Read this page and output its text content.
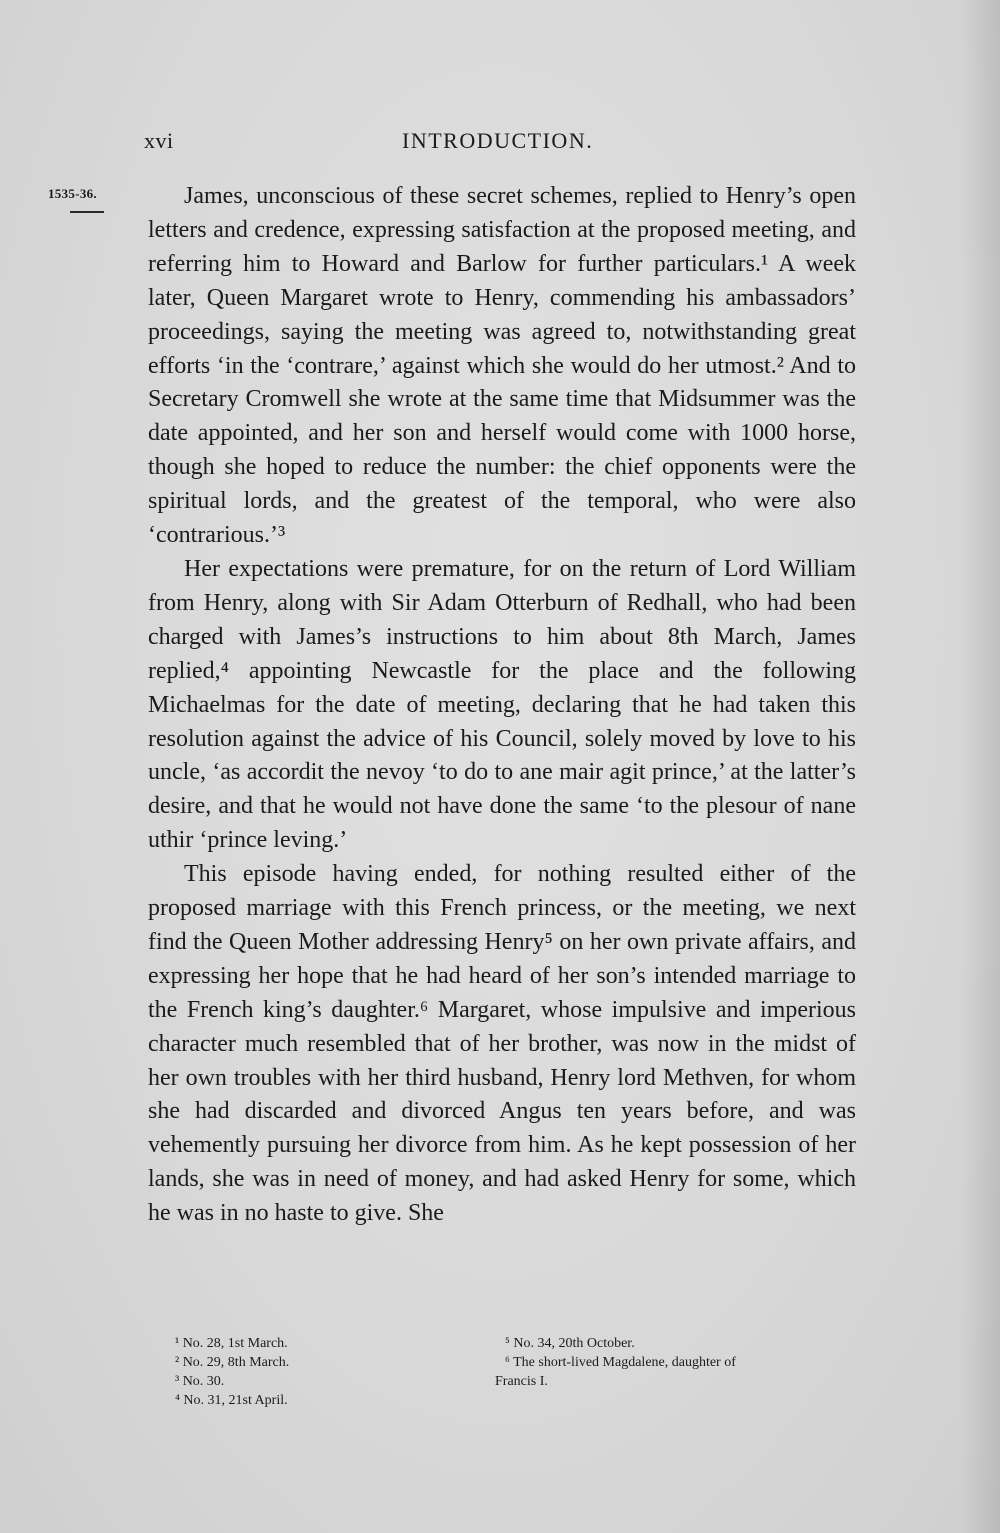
xvi	INTRODUCTION.
1535-36.	James, unconscious of these secret schemes, replied to Henry’s open letters and credence, expressing satisfaction at the proposed meeting, and referring him to Howard and Barlow for further particulars.¹ A week later, Queen Margaret wrote to Henry, commending his ambassadors’ proceedings, saying the meeting was agreed to, notwithstanding great efforts ‘in the ‘contrare,’ against which she would do her utmost.² And to Secretary Cromwell she wrote at the same time that Midsummer was the date appointed, and her son and herself would come with 1000 horse, though she hoped to reduce the number: the chief opponents were the spiritual lords, and the greatest of the temporal, who were also ‘contrarious.’³

Her expectations were premature, for on the return of Lord William from Henry, along with Sir Adam Otterburn of Redhall, who had been charged with James’s instructions to him about 8th March, James replied,⁴ appointing Newcastle for the place and the following Michaelmas for the date of meeting, declaring that he had taken this resolution against the advice of his Council, solely moved by love to his uncle, ‘as accordit the nevoy ‘to do to ane mair agit prince,’ at the latter’s desire, and that he would not have done the same ‘to the plesour of nane uthir ‘prince leving.’

This episode having ended, for nothing resulted either of the proposed marriage with this French princess, or the meeting, we next find the Queen Mother addressing Henry⁵ on her own private affairs, and expressing her hope that he had heard of her son’s intended marriage to the French king’s daughter.⁶ Margaret, whose impulsive and imperious character much resembled that of her brother, was now in the midst of her own troubles with her third husband, Henry lord Methven, for whom she had discarded and divorced Angus ten years before, and was vehemently pursuing her divorce from him. As he kept possession of her lands, she was in need of money, and had asked Henry for some, which he was in no haste to give. She

¹ No. 28, 1st March.

² No. 29, 8th March.

³ No. 30.

⁴ No. 31, 21st April.

⁵ No. 34, 20th October.

⁶ The short-lived Magdalene, daughter of

Francis I.
